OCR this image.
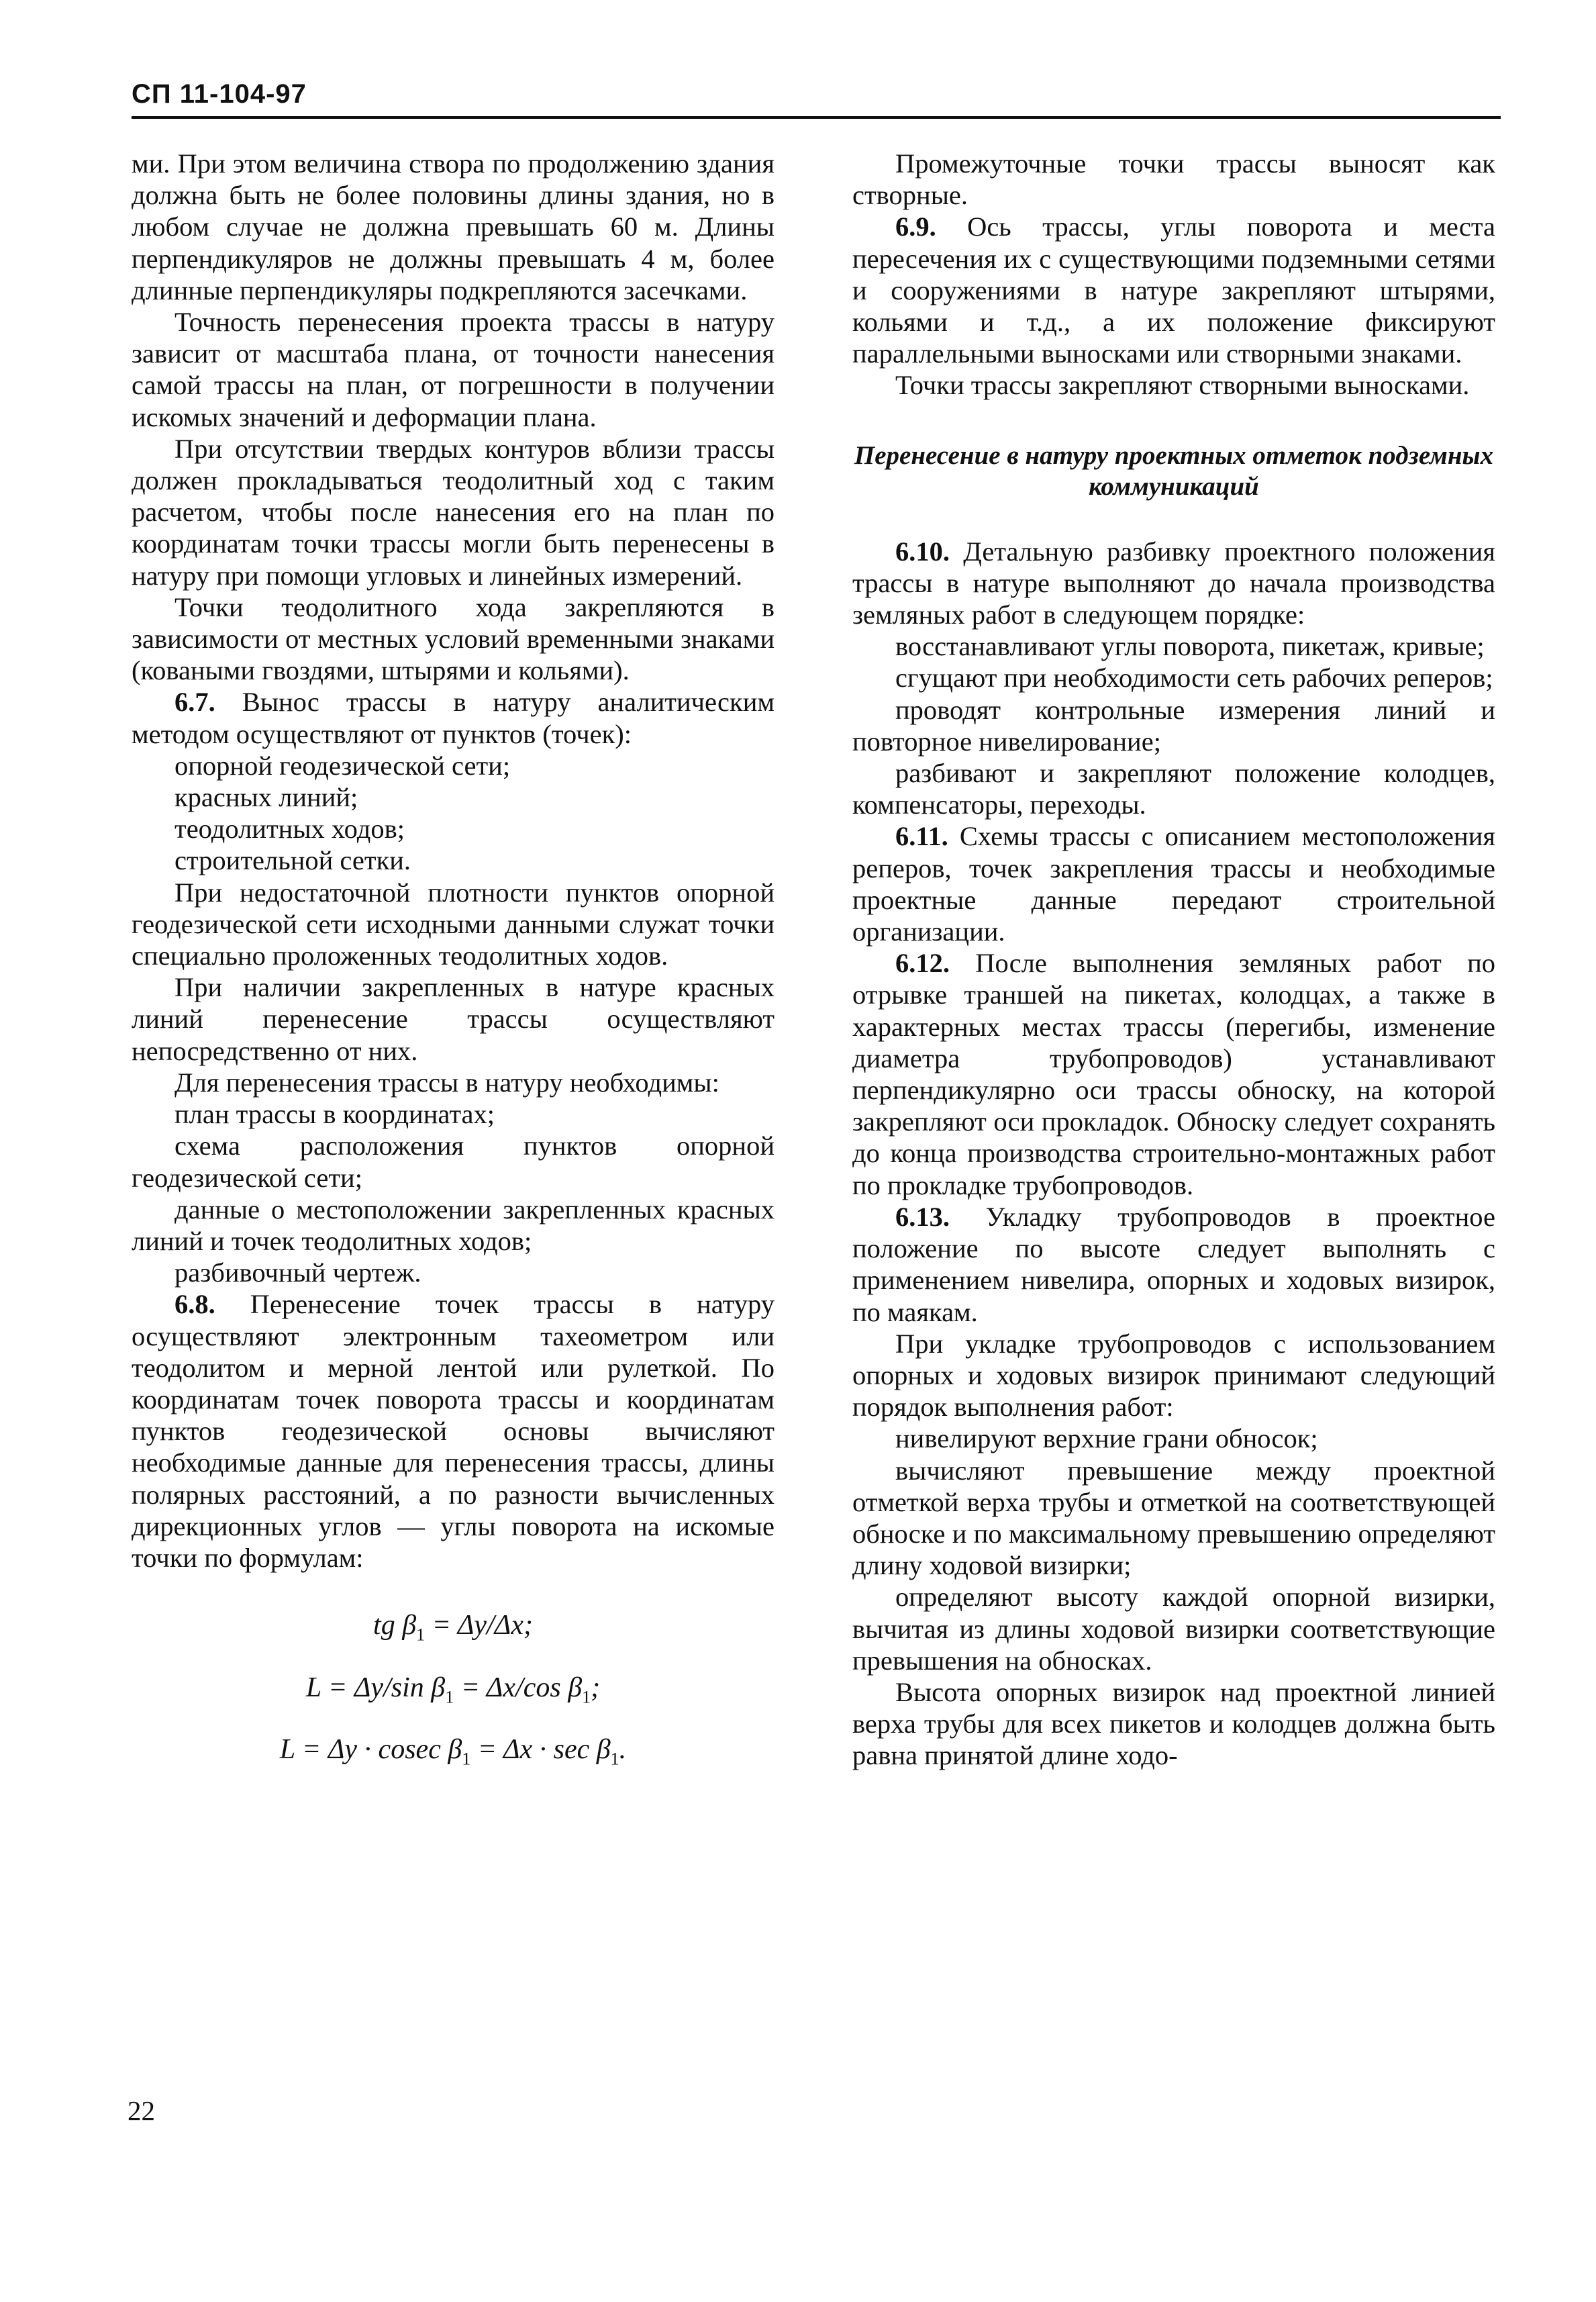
СП 11-104-97

ми. При этом величина створа по продолжению здания должна быть не более половины длины здания, но в любом случае не должна превышать 60 м. Длины перпендикуляров не должны превышать 4 м, более длинные перпендикуляры подкрепляются засечками.

Точность перенесения проекта трассы в натуру зависит от масштаба плана, от точности нанесения самой трассы на план, от погрешности в получении искомых значений и деформации плана.

При отсутствии твердых контуров вблизи трассы должен прокладываться теодолитный ход с таким расчетом, чтобы после нанесения его на план по координатам точки трассы могли быть перенесены в натуру при помощи угловых и линейных измерений.

Точки теодолитного хода закрепляются в зависимости от местных условий временными знаками (коваными гвоздями, штырями и кольями).

6.7. Вынос трассы в натуру аналитическим методом осуществляют от пунктов (точек):

опорной геодезической сети;

красных линий;

теодолитных ходов;

строительной сетки.

При недостаточной плотности пунктов опорной геодезической сети исходными данными служат точки специально проложенных теодолитных ходов.

При наличии закрепленных в натуре красных линий перенесение трассы осуществляют непосредственно от них.

Для перенесения трассы в натуру необходимы:

план трассы в координатах;

схема расположения пунктов опорной геодезической сети;

данные о местоположении закрепленных красных линий и точек теодолитных ходов;

разбивочный чертеж.

6.8. Перенесение точек трассы в натуру осуществляют электронным тахеометром или теодолитом и мерной лентой или рулеткой. По координатам точек поворота трассы и координатам пунктов геодезической основы вычисляют необходимые данные для перенесения трассы, длины полярных расстояний, а по разности вычисленных дирекционных углов — углы поворота на искомые точки по формулам:

tg $\beta_1 = \Delta y/\Delta x$;
L = Δy/sin $\beta_1 = \Delta x/\cos$ $\beta_1$;
L = Δy · cosec $\beta_1 = \Delta x \cdot \sec \beta_1$.

Промежуточные точки трассы выносят как створные.

6.9. Ось трассы, углы поворота и места пересечения их с существующими подземными сетями и сооружениями в натуре закрепляют штырями, кольями и т.д., а их положение фиксируют параллельными выносками или створными знаками.

Точки трассы закрепляют створными выносками.

Перенесение в натуру проектных отметок подземных коммуникаций

6.10. Детальную разбивку проектного положения трассы в натуре выполняют до начала производства земляных работ в следующем порядке:

восстанавливают углы поворота, пикетаж, кривые;

сгущают при необходимости сеть рабочих реперов;

проводят контрольные измерения линий и повторное нивелирование;

разбивают и закрепляют положение колодцев, компенсаторы, переходы.

6.11. Схемы трассы с описанием местоположения реперов, точек закрепления трассы и необходимые проектные данные передают строительной организации.

6.12. После выполнения земляных работ по отрывке траншей на пикетах, колодцах, а также в характерных местах трассы (перегибы, изменение диаметра трубопроводов) устанавливают перпендикулярно оси трассы обноску, на которой закрепляют оси прокладок. Обноску следует сохранять до конца производства строительно-монтажных работ по прокладке трубопроводов.

6.13. Укладку трубопроводов в проектное положение по высоте следует выполнять с применением нивелира, опорных и ходовых визирок, по маякам.

При укладке трубопроводов с использованием опорных и ходовых визирок принимают следующий порядок выполнения работ:

нивелируют верхние грани обносок;

вычисляют превышение между проектной отметкой верха трубы и отметкой на соответствующей обноске и по максимальному превышению определяют длину ходовой визирки;

определяют высоту каждой опорной визирки, вычитая из длины ходовой визирки соответствующие превышения на обносках.

Высота опорных визирок над проектной линией верха трубы для всех пикетов и колодцев должна быть равна принятой длине ходо-

22
